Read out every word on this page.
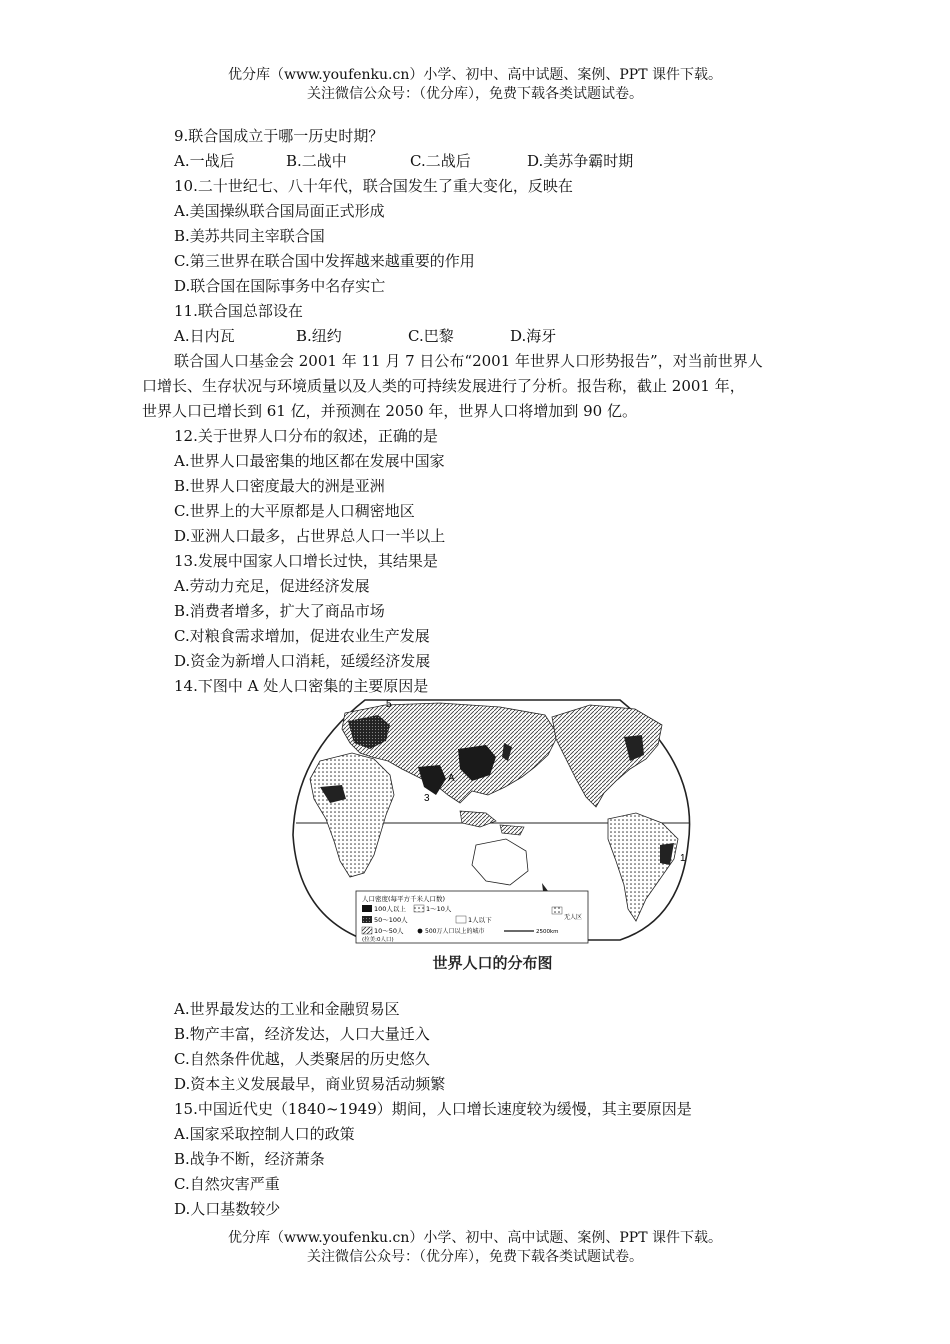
优分库（www.youfenku.cn）小学、初中、高中试题、案例、PPT 课件下载。
关注微信公众号：（优分库），免费下载各类试题试卷。
9.联合国成立于哪一历史时期？
A.一战后	B.二战中	C.二战后	D.美苏争霸时期
10.二十世纪七、八十年代，联合国发生了重大变化，反映在
A.美国操纵联合国局面正式形成
B.美苏共同主宰联合国
C.第三世界在联合国中发挥越来越重要的作用
D.联合国在国际事务中名存实亡
11.联合国总部设在
A.日内瓦	B.纽约	C.巴黎	D.海牙
联合国人口基金会 2001 年 11 月 7 日公布“2001 年世界人口形势报告”，对当前世界人
口增长、生存状况与环境质量以及人类的可持续发展进行了分析。报告称，截止 2001 年，
世界人口已增长到 61 亿，并预测在 2050 年，世界人口将增加到 90 亿。
12.关于世界人口分布的叙述，正确的是
A.世界人口最密集的地区都在发展中国家
B.世界人口密度最大的洲是亚洲
C.世界上的大平原都是人口稠密地区
D.亚洲人口最多，占世界总人口一半以上
13.发展中国家人口增长过快，其结果是
A.劳动力充足，促进经济发展
B.消费者增多，扩大了商品市场
C.对粮食需求增加，促进农业生产发展
D.资金为新增人口消耗，延缓经济发展
14.下图中 A 处人口密集的主要原因是
5
A
3
1
人口密度(每平方千米人口数)
100人以上
50～100人
10～50人
1～10人
1人以下
500万人口以上的城市
(拉美:0人口)
2500km
无人区
世界人口的分布图
A.世界最发达的工业和金融贸易区
B.物产丰富，经济发达，人口大量迁入
C.自然条件优越，人类聚居的历史悠久
D.资本主义发展最早，商业贸易活动频繁
15.中国近代史（1840~1949）期间，人口增长速度较为缓慢，其主要原因是
A.国家采取控制人口的政策
B.战争不断，经济萧条
C.自然灾害严重
D.人口基数较少
优分库（www.youfenku.cn）小学、初中、高中试题、案例、PPT 课件下载。
关注微信公众号：（优分库），免费下载各类试题试卷。
